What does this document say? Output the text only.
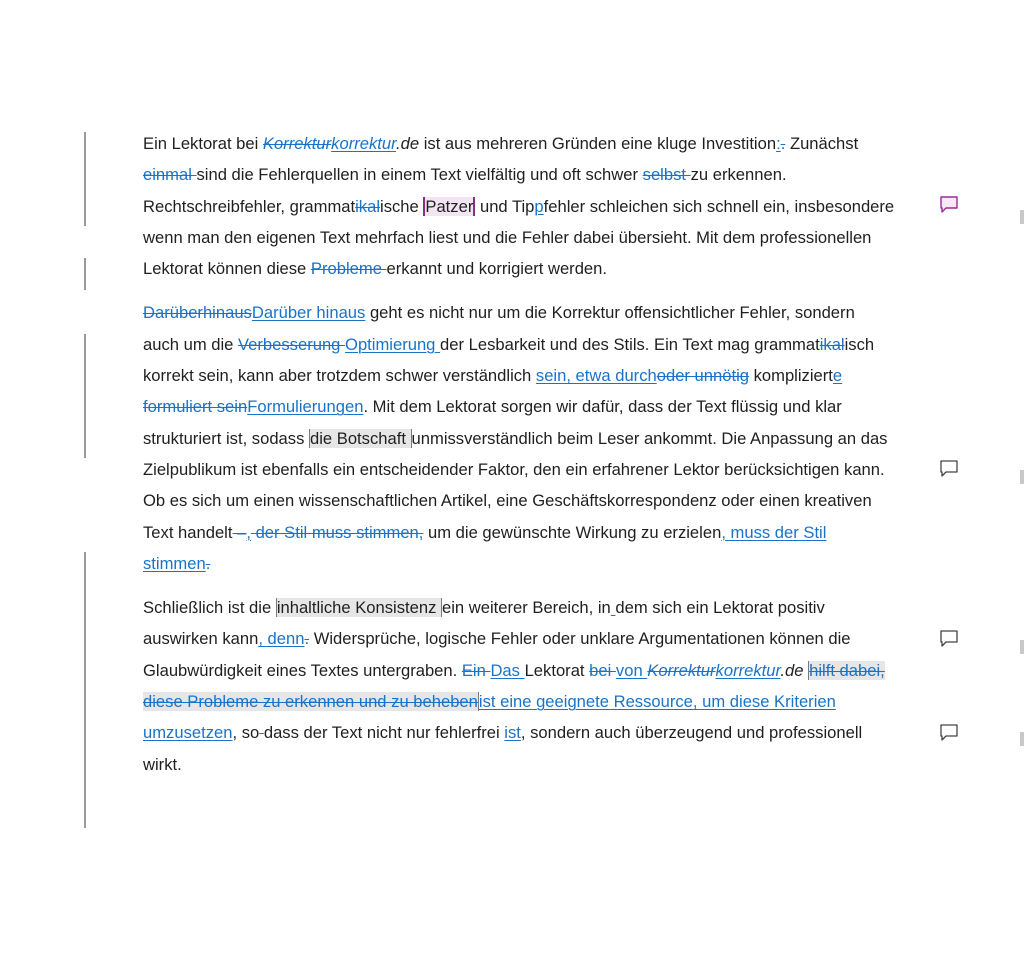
Ein Lektorat bei Korrekturkorrektur.de ist aus mehreren Gründen eine kluge Investition:. Zunächst einmal sind die Fehlerquellen in einem Text vielfältig und oft schwer selbst zu erkennen. Rechtschreibfehler, grammatikalische Patzer und Tippfehler schleichen sich schnell ein, insbesondere wenn man den eigenen Text mehrfach liest und die Fehler dabei übersieht. Mit dem professionellen Lektorat können diese Probleme erkannt und korrigiert werden.

DarüberhinausDarüber hinaus geht es nicht nur um die Korrektur offensichtlicher Fehler, sondern auch um die Verbesserung Optimierung der Lesbarkeit und des Stils. Ein Text mag grammatikalisch korrekt sein, kann aber trotzdem schwer verständlich sein, etwa durchoder unnötig komplizierte formuliert seinFormulierungen. Mit dem Lektorat sorgen wir dafür, dass der Text flüssig und klar strukturiert ist, sodass die Botschaft unmissverständlich beim Leser ankommt. Die Anpassung an das Zielpublikum ist ebenfalls ein entscheidender Faktor, den ein erfahrener Lektor berücksichtigen kann. Ob es sich um einen wissenschaftlichen Artikel, eine Geschäftskorrespondenz oder einen kreativen Text handelt –, der Stil muss stimmen, um die gewünschte Wirkung zu erzielen, muss der Stil stimmen.

Schließlich ist die inhaltliche Konsistenz ein weiterer Bereich, in dem sich ein Lektorat positiv auswirken kann, denn. Widersprüche, logische Fehler oder unklare Argumentationen können die Glaubwürdigkeit eines Textes untergraben. Ein Das Lektorat bei von Korrekturkorrektur.de hilft dabei, diese Probleme zu erkennen und zu behebenist eine geeignete Ressource, um diese Kriterien umzusetzen, so dass der Text nicht nur fehlerfrei ist, sondern auch überzeugend und professionell wirkt.
